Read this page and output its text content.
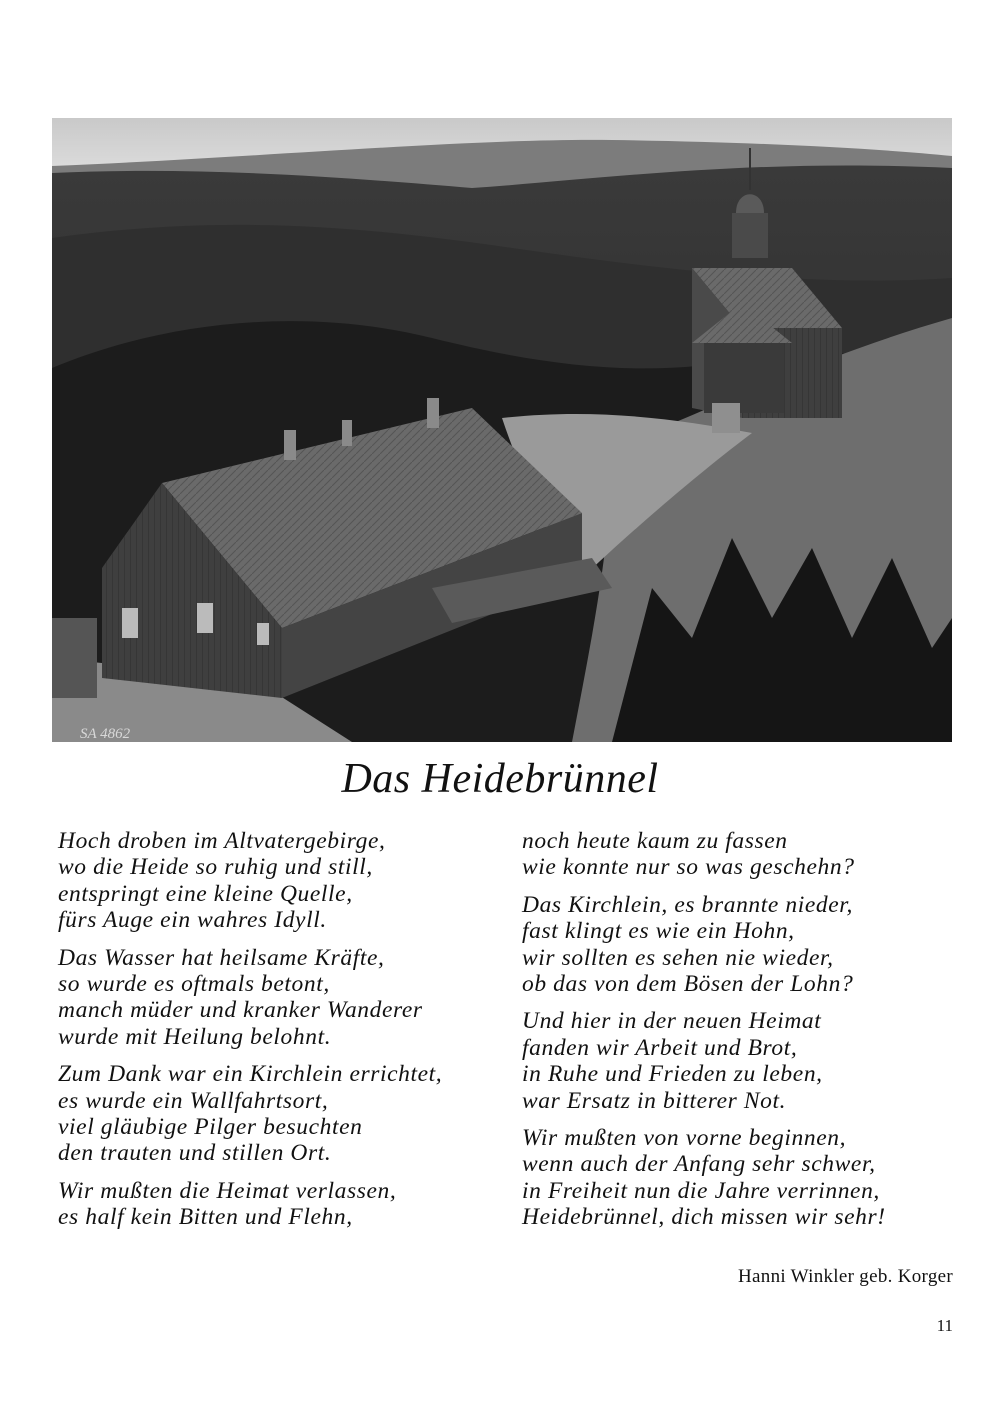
SA 4862
Das Heidebrünnel
Hoch droben im Altvatergebirge,
wo die Heide so ruhig und still,
entspringt eine kleine Quelle,
fürs Auge ein wahres Idyll.
Das Wasser hat heilsame Kräfte,
so wurde es oftmals betont,
manch müder und kranker Wanderer
wurde mit Heilung belohnt.
Zum Dank war ein Kirchlein errichtet,
es wurde ein Wallfahrtsort,
viel gläubige Pilger besuchten
den trauten und stillen Ort.
Wir mußten die Heimat verlassen,
es half kein Bitten und Flehn,
noch heute kaum zu fassen
wie konnte nur so was geschehn?
Das Kirchlein, es brannte nieder,
fast klingt es wie ein Hohn,
wir sollten es sehen nie wieder,
ob das von dem Bösen der Lohn?
Und hier in der neuen Heimat
fanden wir Arbeit und Brot,
in Ruhe und Frieden zu leben,
war Ersatz in bitterer Not.
Wir mußten von vorne beginnen,
wenn auch der Anfang sehr schwer,
in Freiheit nun die Jahre verrinnen,
Heidebrünnel, dich missen wir sehr!
Hanni Winkler geb. Korger
11
